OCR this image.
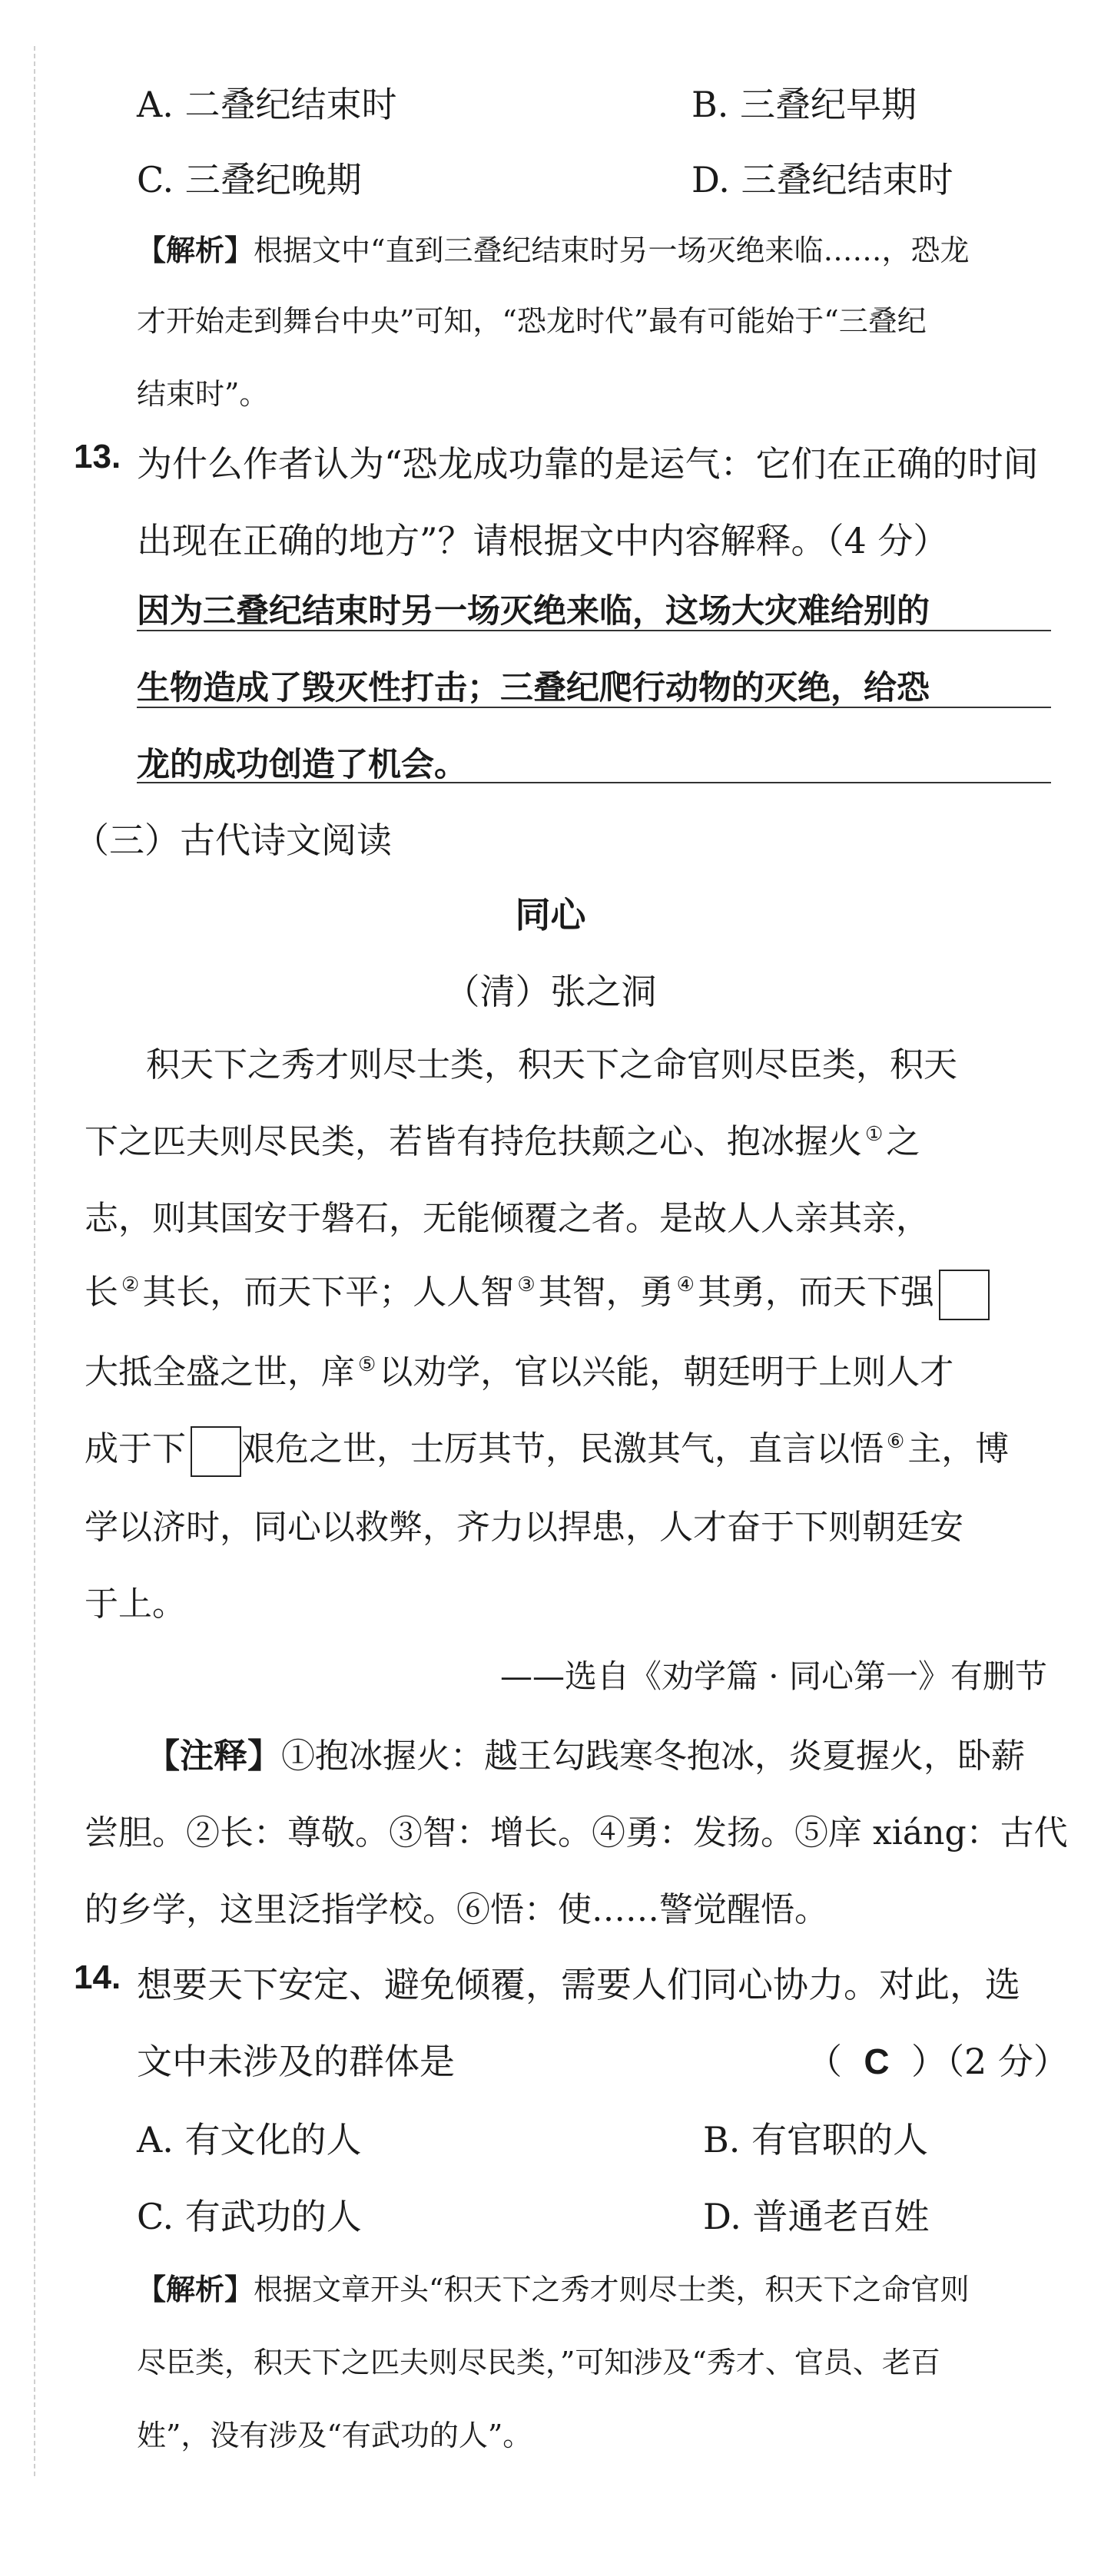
A. 二叠纪结束时	B. 三叠纪早期
C. 三叠纪晚期	D. 三叠纪结束时
【解析】根据文中“直到三叠纪结束时另一场灭绝来临……，恐龙
才开始走到舞台中央”可知，“恐龙时代”最有可能始于“三叠纪
结束时”。
13. 为什么作者认为“恐龙成功靠的是运气：它们在正确的时间
出现在正确的地方”？请根据文中内容解释。（4 分）
因为三叠纪结束时另一场灭绝来临，这场大灾难给别的
生物造成了毁灭性打击；三叠纪爬行动物的灭绝，给恐
龙的成功创造了机会。
（三）古代诗文阅读
同心
（清）张之洞
积天下之秀才则尽士类，积天下之命官则尽臣类，积天
下之匹夫则尽民类，若皆有持危扶颠之心、抱冰握火 ①之
志，则其国安于磐石，无能倾覆之者。是故人人亲其亲，
长 ②其长，而天下平；人人智 ③其智，勇 ④其勇，而天下强
大抵全盛之世，庠 ⑤以劝学，官以兴能，朝廷明于上则人才
成于下 艰危之世，士厉其节，民激其气，直言以悟 ⑥主，博
学以济时，同心以救弊，齐力以捍患，人才奋于下则朝廷安
于上。
——选自《劝学篇 · 同心第一》有删节
【注释】①抱冰握火：越王勾践寒冬抱冰，炎夏握火，卧薪
尝胆。②长：尊敬。③智：增长。④勇：发扬。⑤庠 xiáng：古代
的乡学，这里泛指学校。⑥悟：使……警觉醒悟。
14. 想要天下安定、避免倾覆，需要人们同心协力。对此，选
文中未涉及的群体是	（ C ）（2 分）
A. 有文化的人	B. 有官职的人
C. 有武功的人	D. 普通老百姓
【解析】根据文章开头“积天下之秀才则尽士类，积天下之命官则
尽臣类，积天下之匹夫则尽民类，”可知涉及“秀才、官员、老百
姓”，没有涉及“有武功的人”。
